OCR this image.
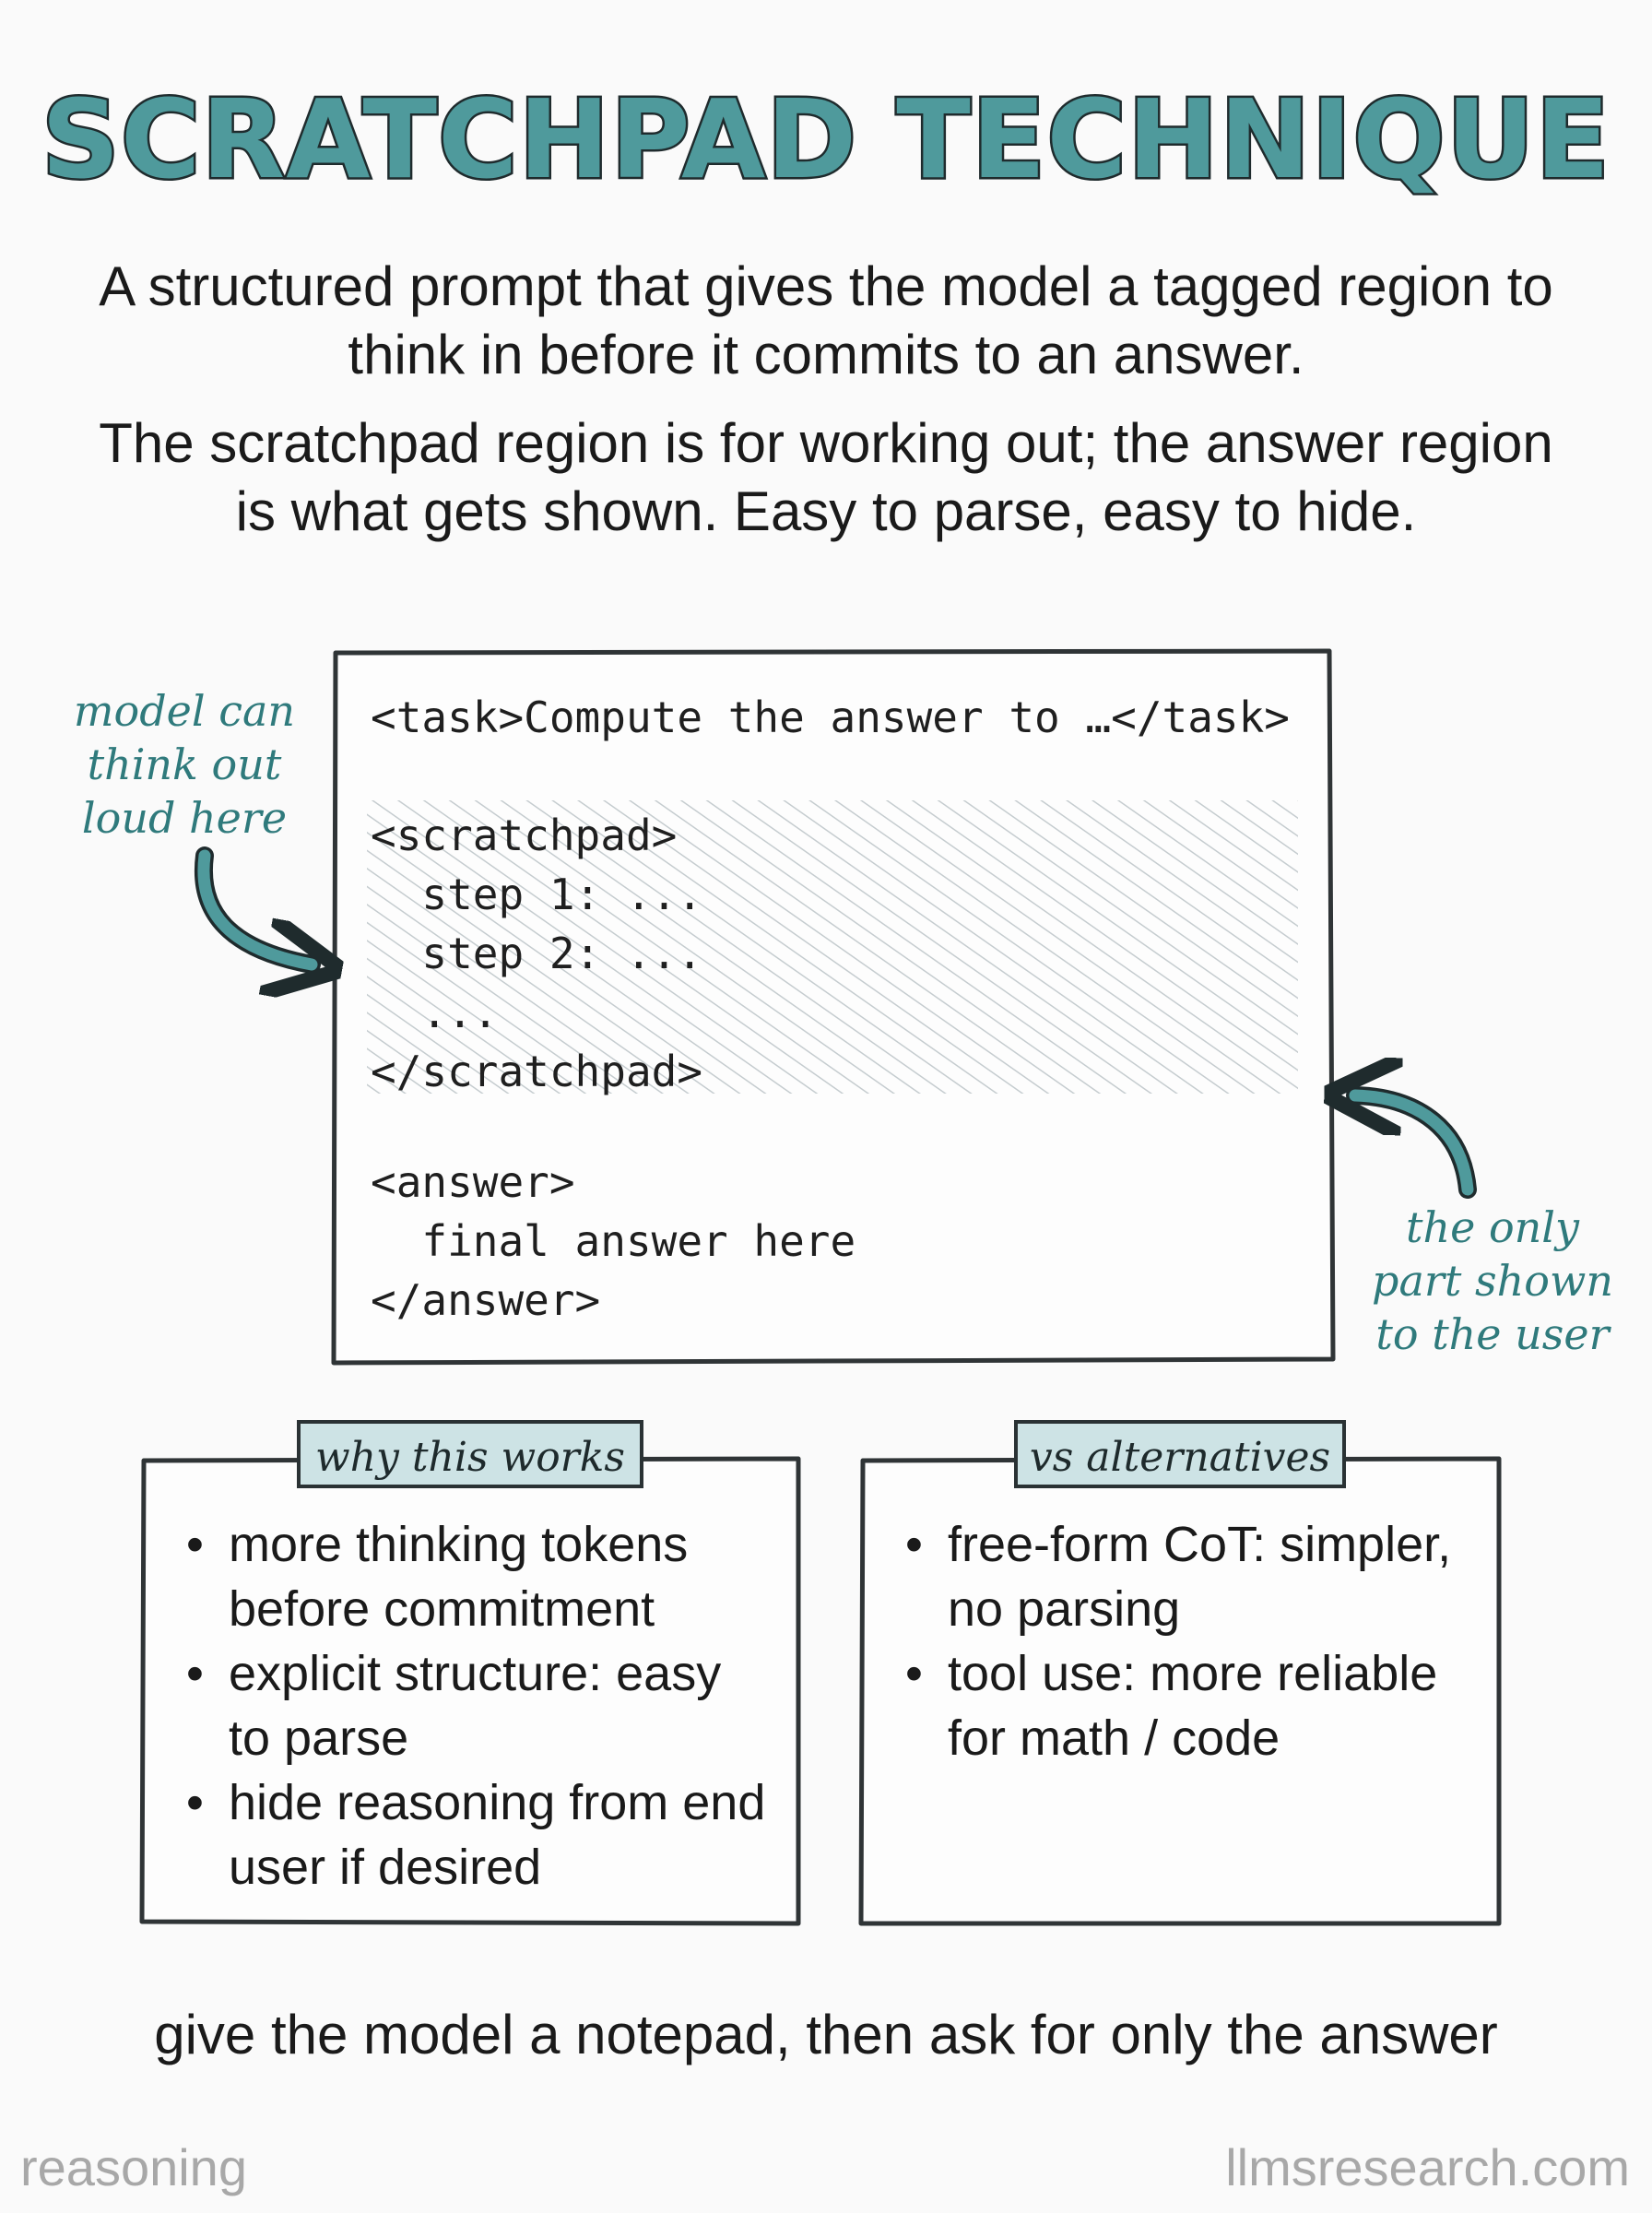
SCRATCHPAD TECHNIQUE
A structured prompt that gives the model a tagged region to think in before it commits to an answer.
The scratchpad region is for working out; the answer region is what gets shown. Easy to parse, easy to hide.
<task>Compute the answer to …</task>
<scratchpad>
step 1: ...
step 2: ...
...
</scratchpad>
<answer>
final answer here
</answer>
model can
think out
loud here
the only
part shown
to the user
why this works	vs alternatives
• more thinking tokens before commitment
• explicit structure: easy to parse
• hide reasoning from end user if desired
• free-form CoT: simpler, no parsing
• tool use: more reliable for math / code
give the model a notepad, then ask for only the answer
reasoning	llmsresearch.com
